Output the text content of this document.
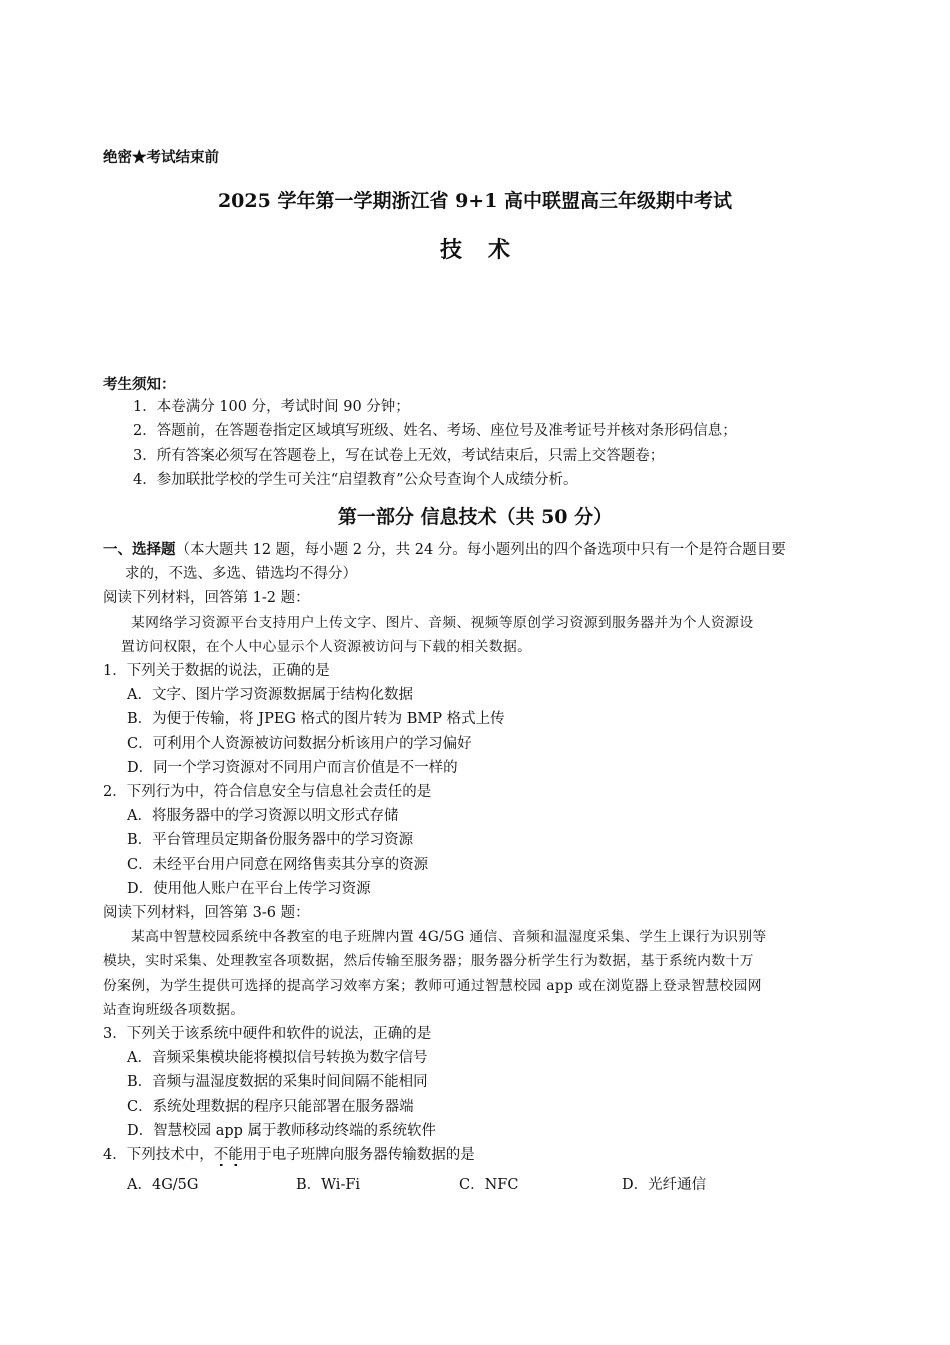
绝密★考试结束前
2025 学年第一学期浙江省 9+1 高中联盟高三年级期中考试
技术
考生须知：
1．本卷满分 100 分，考试时间 90 分钟；
2．答题前，在答题卷指定区域填写班级、姓名、考场、座位号及准考证号并核对条形码信息；
3．所有答案必须写在答题卷上，写在试卷上无效，考试结束后，只需上交答题卷；
4．参加联批学校的学生可关注“启望教育”公众号查询个人成绩分析。
第一部分 信息技术（共 50 分）
一、选择题（本大题共 12 题，每小题 2 分，共 24 分。每小题列出的四个备选项中只有一个是符合题目要
求的，不选、多选、错选均不得分）
阅读下列材料，回答第 1-2 题：
某网络学习资源平台支持用户上传文字、图片、音频、视频等原创学习资源到服务器并为个人资源设
置访问权限，在个人中心显示个人资源被访问与下载的相关数据。
1．下列关于数据的说法，正确的是
A．文字、图片学习资源数据属于结构化数据
B．为便于传输，将 JPEG 格式的图片转为 BMP 格式上传
C．可利用个人资源被访问数据分析该用户的学习偏好
D．同一个学习资源对不同用户而言价值是不一样的
2．下列行为中，符合信息安全与信息社会责任的是
A．将服务器中的学习资源以明文形式存储
B．平台管理员定期备份服务器中的学习资源
C．未经平台用户同意在网络售卖其分享的资源
D．使用他人账户在平台上传学习资源
阅读下列材料，回答第 3-6 题：
某高中智慧校园系统中各教室的电子班牌内置 4G/5G 通信、音频和温湿度采集、学生上课行为识别等
模块，实时采集、处理教室各项数据，然后传输至服务器；服务器分析学生行为数据，基于系统内数十万
份案例，为学生提供可选择的提高学习效率方案；教师可通过智慧校园 app 或在浏览器上登录智慧校园网
站查询班级各项数据。
3．下列关于该系统中硬件和软件的说法，正确的是
A．音频采集模块能将模拟信号转换为数字信号
B．音频与温湿度数据的采集时间间隔不能相同
C．系统处理数据的程序只能部署在服务器端
D．智慧校园 app 属于教师移动终端的系统软件
4．下列技术中，不能用于电子班牌向服务器传输数据的是
A．4G/5G	B．Wi-Fi	C．NFC	D．光纤通信
